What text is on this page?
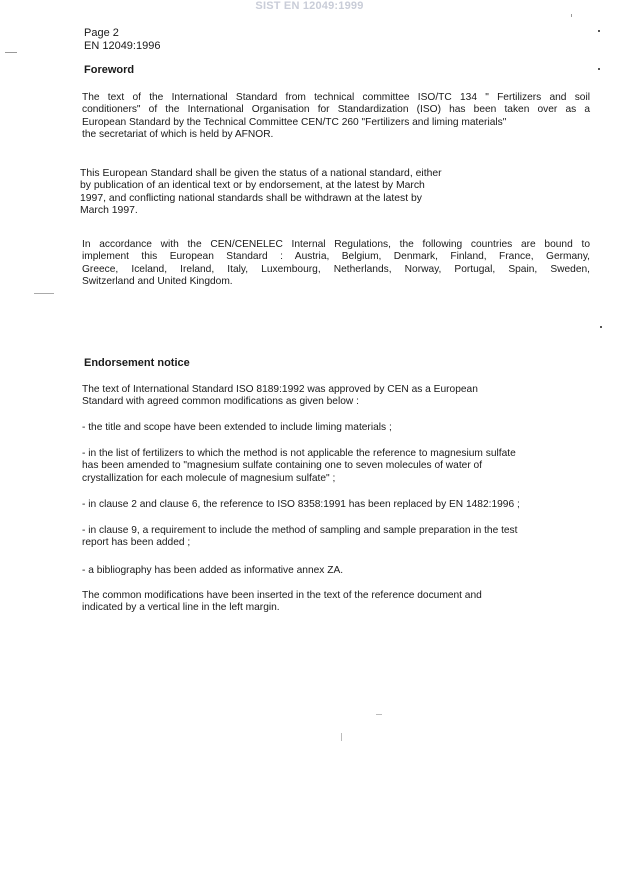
SIST EN 12049:1999
Page 2
EN 12049:1996
Foreword
The text of the International Standard from technical committee ISO/TC 134 " Fertilizers and soil
conditioners" of the International Organisation for Standardization (ISO) has been taken over as a
European Standard by the Technical Committee CEN/TC 260 "Fertilizers and liming materials"
the secretariat of which is held by AFNOR.
This European Standard shall be given the status of a national standard, either
by publication of an identical text or by endorsement, at the latest by March
1997, and conflicting national standards shall be withdrawn at the latest by
March 1997.
In accordance with the CEN/CENELEC Internal Regulations, the following countries are bound to
implement this European Standard : Austria, Belgium, Denmark, Finland, France, Germany,
Greece, Iceland, Ireland, Italy, Luxembourg, Netherlands, Norway, Portugal, Spain, Sweden,
Switzerland and United Kingdom.
Endorsement notice
The text of International Standard ISO 8189:1992 was approved by CEN as a European
Standard with agreed common modifications as given below :
- the title and scope have been extended to include liming materials ;
- in the list of fertilizers to which the method is not applicable the reference to magnesium sulfate
has been amended to "magnesium sulfate containing one to seven molecules of water of
crystallization for each molecule of magnesium sulfate" ;
- in clause 2 and clause 6, the reference to ISO 8358:1991 has been replaced by EN 1482:1996 ;
- in clause 9, a requirement to include the method of sampling and sample preparation in the test
report has been added ;
- a bibliography has been added as informative annex ZA.
The common modifications have been inserted in the text of the reference document and
indicated by a vertical line in the left margin.
